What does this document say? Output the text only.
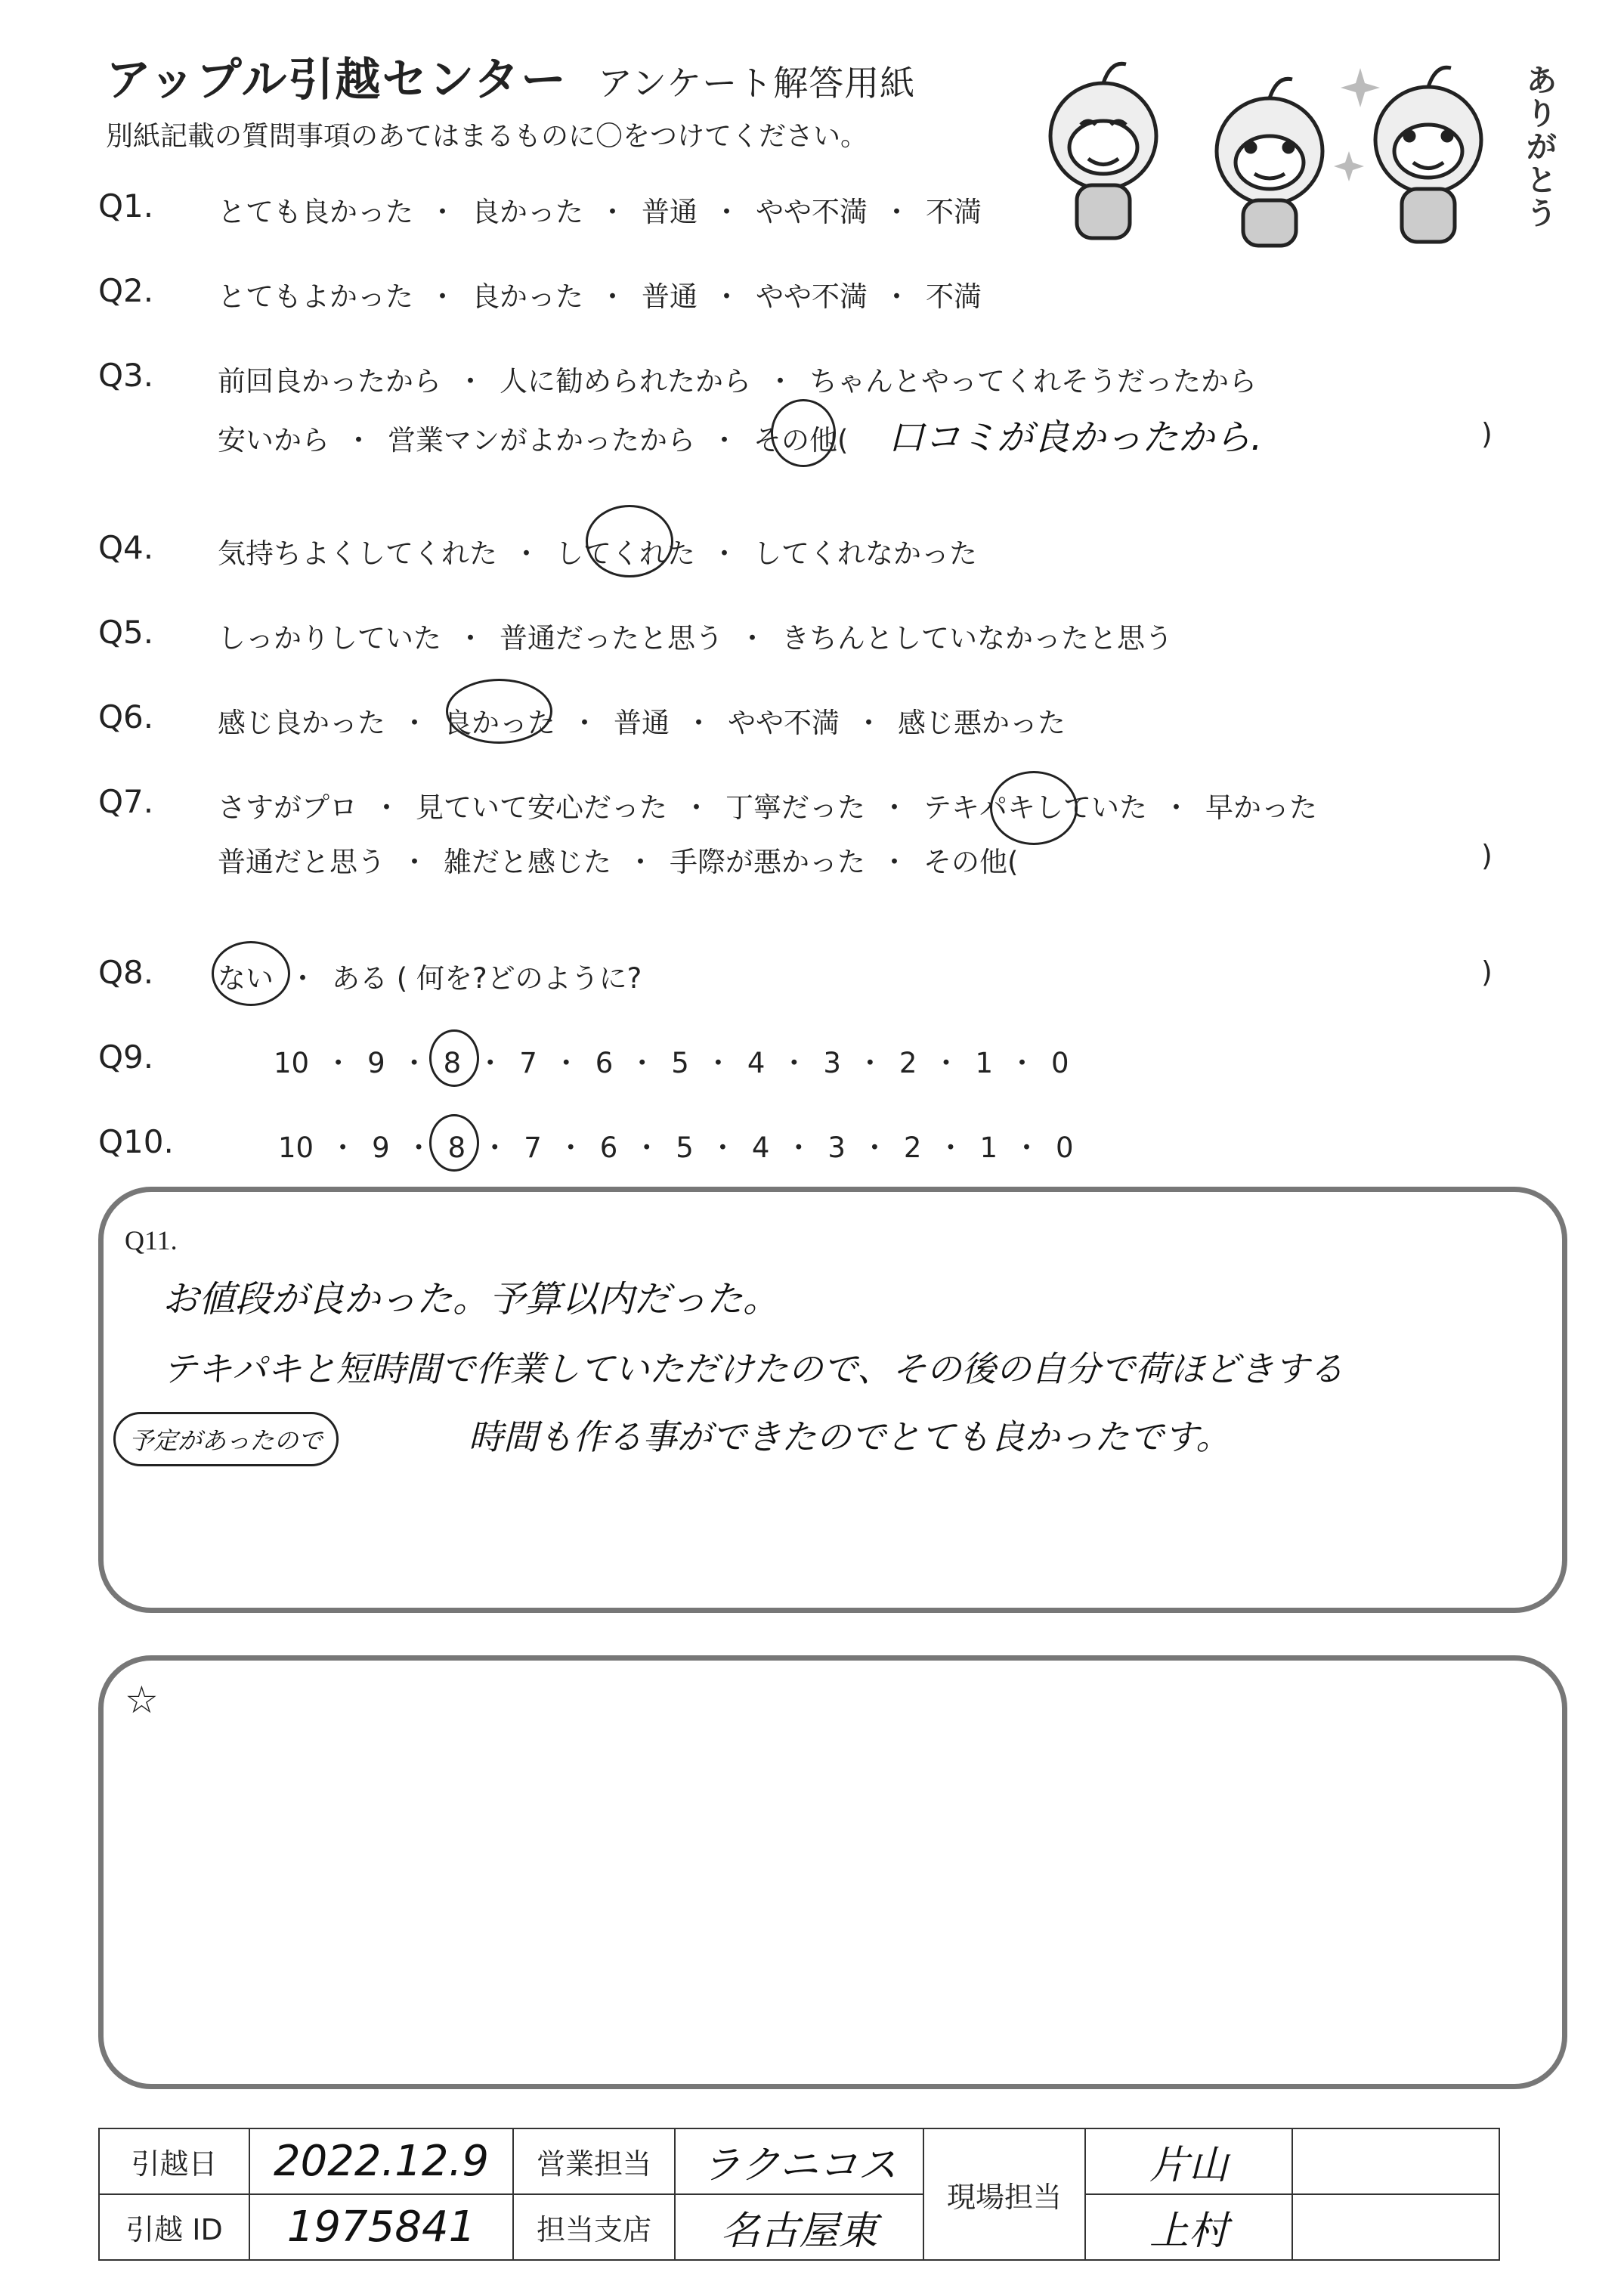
アップル引越センター アンケート解答用紙
別紙記載の質問事項のあてはまるものに〇をつけてください。
ありがとう
Q1. とても良かった ・ 良かった ・ 普通 ・ やや不満 ・ 不満
Q2. とてもよかった ・ 良かった ・ 普通 ・ やや不満 ・ 不満
Q3. 前回良かったから ・ 人に勧められたから ・ ちゃんとやってくれそうだったから
安いから ・ 営業マンがよかったから ・ その他( 口コミが良かったから.	)
Q4. 気持ちよくしてくれた ・ してくれた ・ してくれなかった
Q5. しっかりしていた ・ 普通だったと思う ・ きちんとしていなかったと思う
Q6. 感じ良かった ・ 良かった ・ 普通 ・ やや不満 ・ 感じ悪かった
Q7. さすがプロ ・ 見ていて安心だった ・ 丁寧だった ・ テキパキしていた ・ 早かった
普通だと思う ・ 雑だと感じた ・ 手際が悪かった ・ その他(	)
Q8. ない ・ ある ( 何を?どのように?	)
Q9.	10 ・ 9 ・ 8 ・ 7 ・ 6 ・ 5 ・ 4 ・ 3 ・ 2 ・ 1 ・ 0
Q10.	10 ・ 9 ・ 8 ・ 7 ・ 6 ・ 5 ・ 4 ・ 3 ・ 2 ・ 1 ・ 0
Q11.
お値段が良かった。予算以内だった。
テキパキと短時間で作業していただけたので、その後の自分で荷ほどきする
予定があったので	時間も作る事ができたのでとても良かったです。
☆
引越日	2022.12.9	営業担当	ラクニコス	現場担当	片山	
引越 ID	1975841	担当支店	名古屋東		上村	
